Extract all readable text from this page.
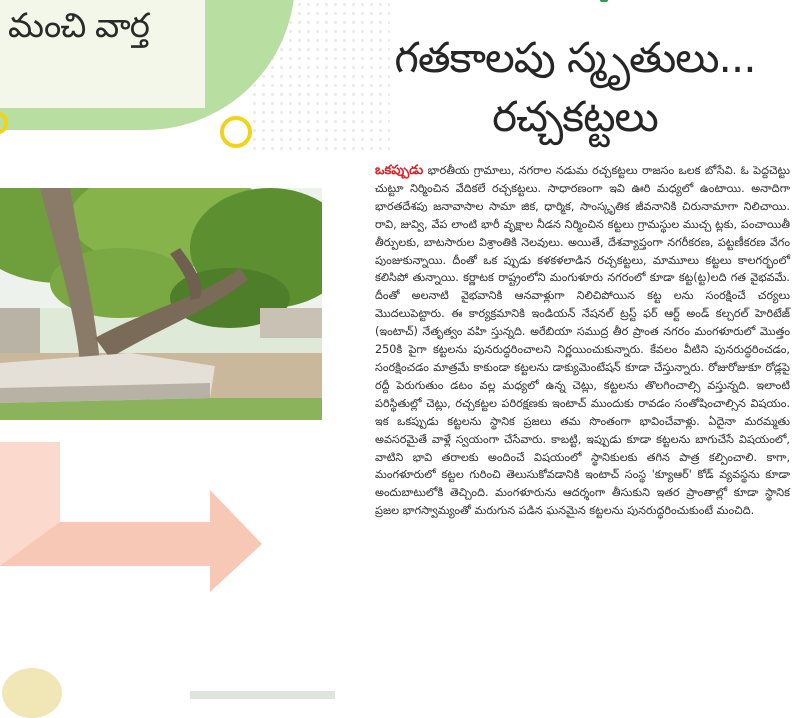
మంచి వార్త
గతకాలపు స్మృతులు...
రచ్చకట్టలు
ఒకప్పుడు భారతీయ గ్రామాలు, నగరాల నడుమ రచ్చకట్టలు రాజసం ఒలక బోసేవి. ఓ పెద్దచెట్టు చుట్టూ నిర్మించిన వేదికలే రచ్చకట్టలు. సాధారణంగా ఇవి ఊరి మధ్యలో ఉంటాయి. అనాదిగా భారతదేశపు జనావాసాల సామా జిక, ధార్మిక, సాంస్కృతిక జీవనానికి చిరునామాగా నిలిచాయి. రావి, జువ్వి, వేప లాంటి భారీ వృక్షాల నీడన నిర్మించిన కట్టలు గ్రామస్థుల ముచ్చ ట్లకు, పంచాయితీ తీర్పులకు, బాటసారుల విశ్రాంతికి నెలవులు. అయితే, దేశవ్యాప్తంగా నగరీకరణ, పట్టణీకరణ వేగం పుంజుకున్నాయి. దీంతో ఒక ప్పుడు కళకళలాడిన రచ్చకట్టలు, మామూలు కట్టలు కాలగర్భంలో కలిసిపో తున్నాయి. కర్ణాటక రాష్ట్రంలోని మంగుళూరు నగరంలో కూడా కట్ట(ట్ట)లది గత వైభవమే. దీంతో అలనాటి వైభవానికి ఆనవాళ్లుగా నిలిచిపోయిన కట్ట లను సంరక్షించే చర్యలు మొదలుపెట్టారు. ఈ కార్యక్రమానికి ఇండియన్ నేషనల్ ట్రస్ట్ ఫర్ ఆర్ట్ అండ్ కల్చరల్ హెరిటేజ్ (ఇంటాచ్) నేతృత్వం వహి స్తున్నది. అరేబియా సముద్ర తీర ప్రాంత నగరం మంగళూరులో మొత్తం 250కి పైగా కట్టలను పునరుద్ధరించాలని నిర్ణయించుకున్నారు. కేవలం వీటిని పునరుద్ధరించడం, సంరక్షించడం మాత్రమే కాకుండా కట్టలను డాక్యుమెంటేషన్ కూడా చేస్తున్నారు. రోజురోజుకూ రోడ్లపై రద్దీ పెరుగుతుం డటం వల్ల మధ్యలో ఉన్న చెట్లు, కట్టలను తొలగించాల్సి వస్తున్నది. ఇలాంటి పరిస్థితుల్లో చెట్లు, రచ్చకట్టల పరిరక్షణకు ఇంటాచ్ ముందుకు రావడం సంతోషించాల్సిన విషయం. ఇక ఒకప్పుడు కట్టలను స్థానిక ప్రజలు తమ సొంతంగా భావించేవాళ్లు. ఏదైనా మరమ్మతు అవసరమైతే వాళ్లే స్వయంగా చేసేవారు. కాబట్టి, ఇప్పుడు కూడా కట్టలను బాగుచేసే విషయంలో, వాటిని భావి తరాలకు అందించే విషయంలో స్థానికులకు తగిన పాత్ర కల్పించాలి. కాగా, మంగళూరులో కట్టల గురించి తెలుసుకోవడానికి ఇంటాచ్ సంస్థ 'క్యూఆర్' కోడ్ వ్యవస్థను కూడా అందుబాటులోకి తెచ్చింది. మంగళూరును ఆదర్శంగా తీసుకుని ఇతర ప్రాంతాల్లో కూడా స్థానిక ప్రజల భాగస్వామ్యంతో మరుగున పడిన ఘనమైన కట్టలను పునరుద్ధరించుకుంటే మంచిది.
